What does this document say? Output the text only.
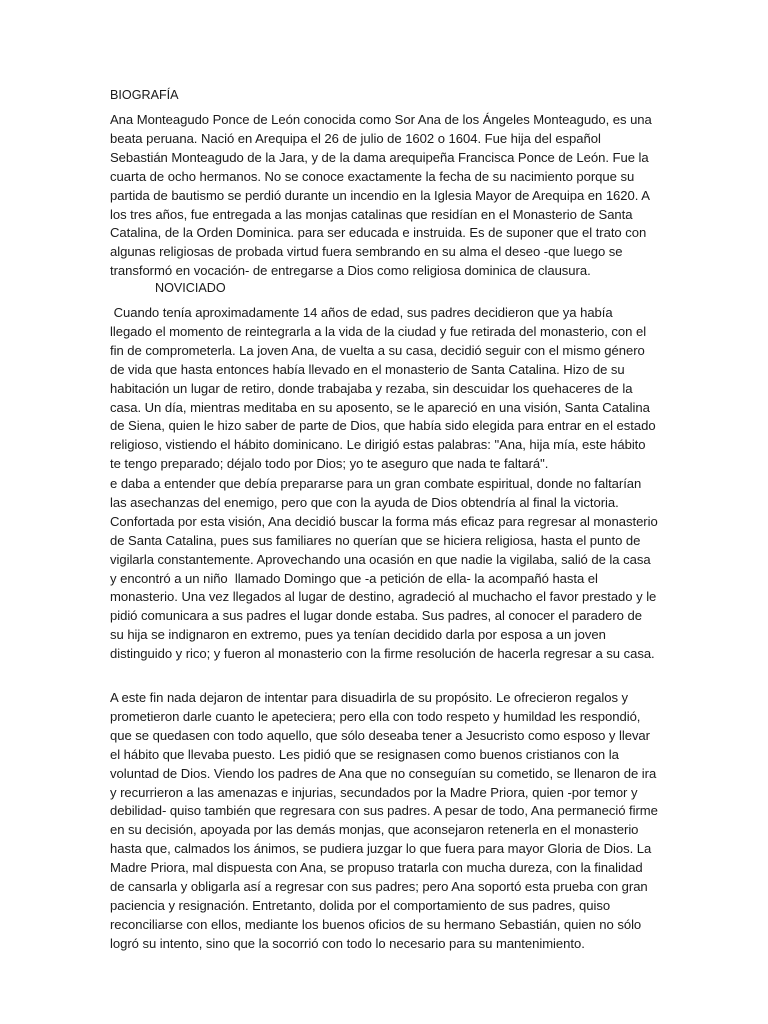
BIOGRAFÍA

Ana Monteagudo Ponce de León conocida como Sor Ana de los Ángeles Monteagudo, es una beata peruana. Nació en Arequipa el 26 de julio de 1602 o 1604. Fue hija del español Sebastián Monteagudo de la Jara, y de la dama arequipeña Francisca Ponce de León. Fue la cuarta de ocho hermanos. No se conoce exactamente la fecha de su nacimiento porque su partida de bautismo se perdió durante un incendio en la Iglesia Mayor de Arequipa en 1620. A los tres años, fue entregada a las monjas catalinas que residían en el Monasterio de Santa Catalina, de la Orden Dominica. para ser educada e instruida. Es de suponer que el trato con algunas religiosas de probada virtud fuera sembrando en su alma el deseo -que luego se transformó en vocación- de entregarse a Dios como religiosa dominica de clausura.

NOVICIADO

Cuando tenía aproximadamente 14 años de edad, sus padres decidieron que ya había llegado el momento de reintegrarla a la vida de la ciudad y fue retirada del monasterio, con el fin de comprometerla. La joven Ana, de vuelta a su casa, decidió seguir con el mismo género de vida que hasta entonces había llevado en el monasterio de Santa Catalina. Hizo de su habitación un lugar de retiro, donde trabajaba y rezaba, sin descuidar los quehaceres de la casa. Un día, mientras meditaba en su aposento, se le apareció en una visión, Santa Catalina de Siena, quien le hizo saber de parte de Dios, que había sido elegida para entrar en el estado religioso, vistiendo el hábito dominicano. Le dirigió estas palabras: "Ana, hija mía, este hábito te tengo preparado; déjalo todo por Dios; yo te aseguro que nada te faltará".

e daba a entender que debía prepararse para un gran combate espiritual, donde no faltarían las asechanzas del enemigo, pero que con la ayuda de Dios obtendría al final la victoria. Confortada por esta visión, Ana decidió buscar la forma más eficaz para regresar al monasterio de Santa Catalina, pues sus familiares no querían que se hiciera religiosa, hasta el punto de vigilarla constantemente. Aprovechando una ocasión en que nadie la vigilaba, salió de la casa y encontró a un niño  llamado Domingo que -a petición de ella- la acompañó hasta el monasterio. Una vez llegados al lugar de destino, agradeció al muchacho el favor prestado y le pidió comunicara a sus padres el lugar donde estaba. Sus padres, al conocer el paradero de su hija se indignaron en extremo, pues ya tenían decidido darla por esposa a un joven distinguido y rico; y fueron al monasterio con la firme resolución de hacerla regresar a su casa.

A este fin nada dejaron de intentar para disuadirla de su propósito. Le ofrecieron regalos y prometieron darle cuanto le apeteciera; pero ella con todo respeto y humildad les respondió, que se quedasen con todo aquello, que sólo deseaba tener a Jesucristo como esposo y llevar el hábito que llevaba puesto. Les pidió que se resignasen como buenos cristianos con la voluntad de Dios. Viendo los padres de Ana que no conseguían su cometido, se llenaron de ira y recurrieron a las amenazas e injurias, secundados por la Madre Priora, quien -por temor y debilidad- quiso también que regresara con sus padres. A pesar de todo, Ana permaneció firme en su decisión, apoyada por las demás monjas, que aconsejaron retenerla en el monasterio hasta que, calmados los ánimos, se pudiera juzgar lo que fuera para mayor Gloria de Dios. La Madre Priora, mal dispuesta con Ana, se propuso tratarla con mucha dureza, con la finalidad de cansarla y obligarla así a regresar con sus padres; pero Ana soportó esta prueba con gran paciencia y resignación. Entretanto, dolida por el comportamiento de sus padres, quiso reconciliarse con ellos, mediante los buenos oficios de su hermano Sebastián, quien no sólo logró su intento, sino que la socorrió con todo lo necesario para su mantenimiento.
